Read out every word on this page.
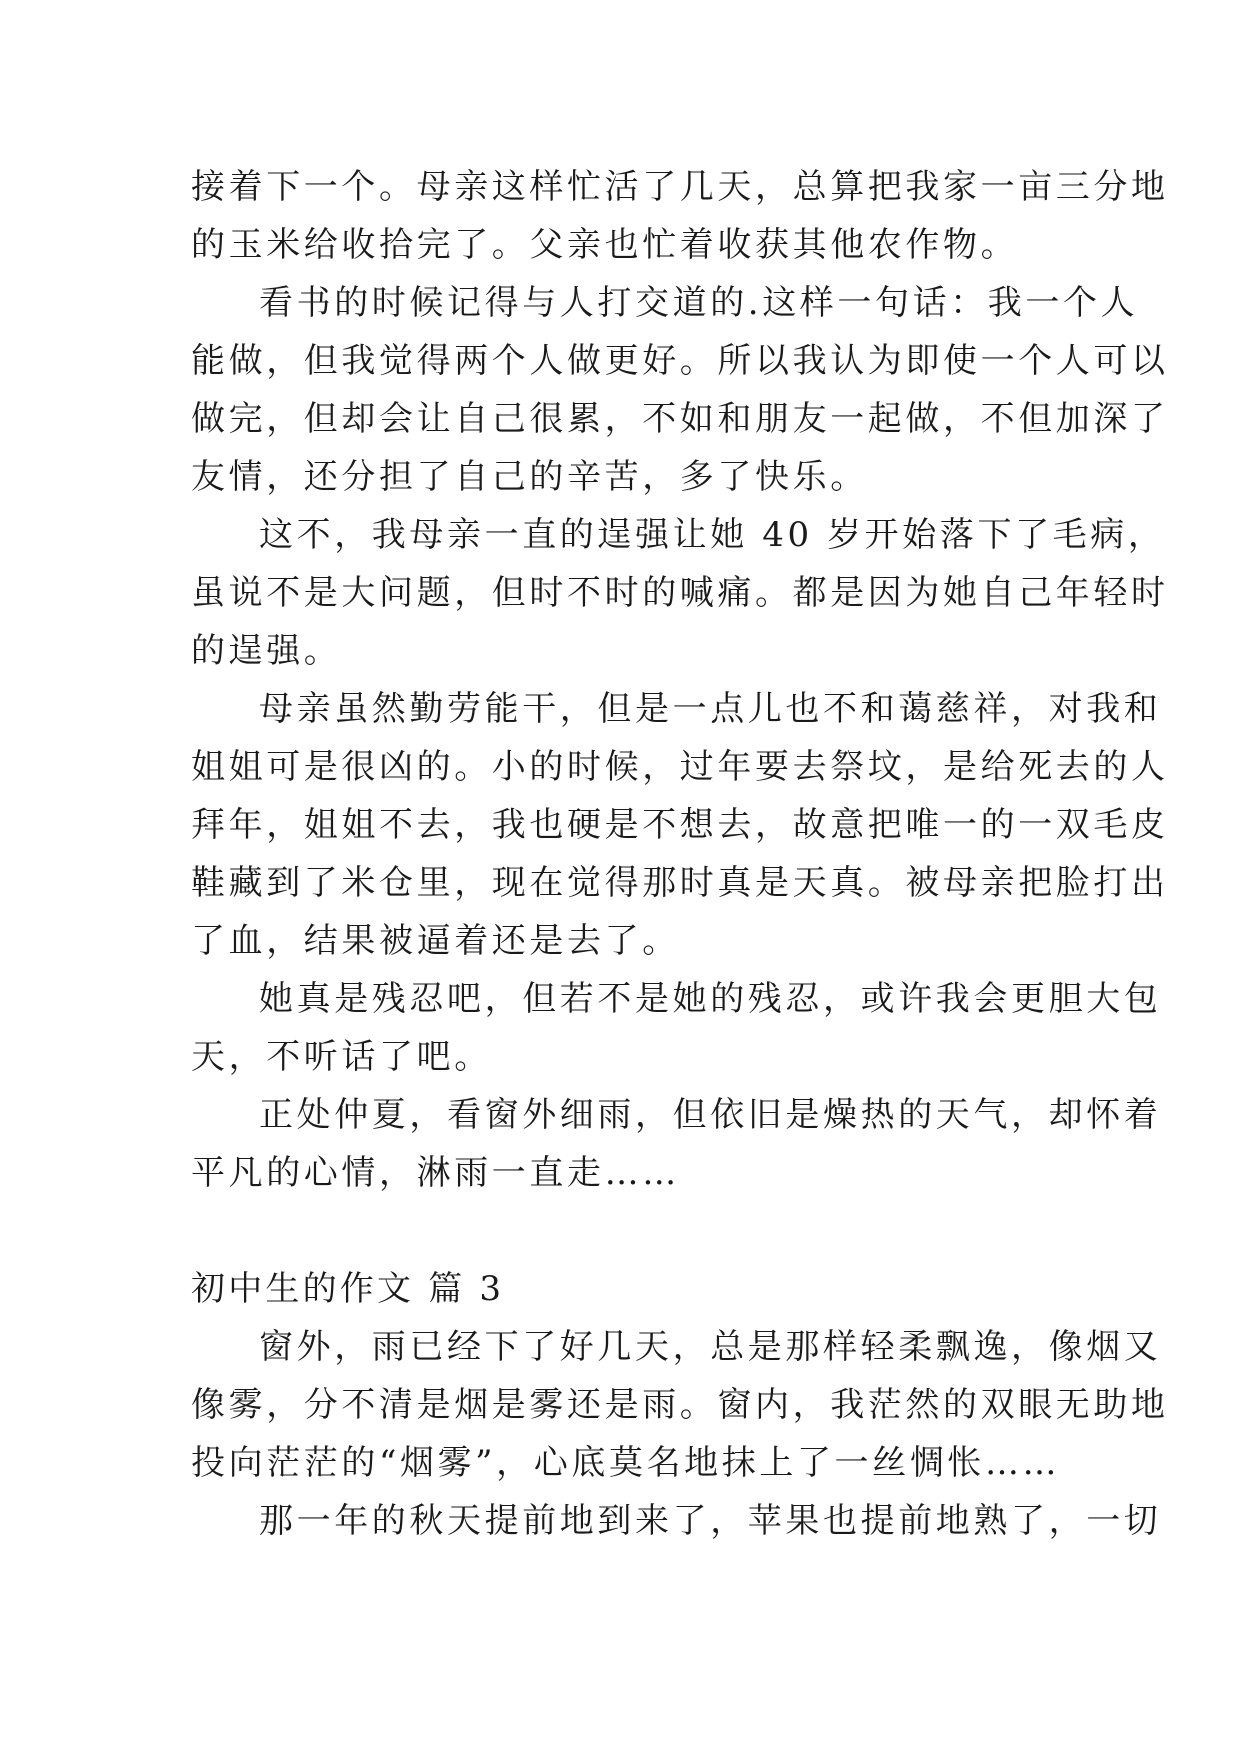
接着下一个。母亲这样忙活了几天，总算把我家一亩三分地
的玉米给收拾完了。父亲也忙着收获其他农作物。
看书的时候记得与人打交道的.这样一句话：我一个人
能做，但我觉得两个人做更好。所以我认为即使一个人可以
做完，但却会让自己很累，不如和朋友一起做，不但加深了
友情，还分担了自己的辛苦，多了快乐。
这不，我母亲一直的逞强让她 40 岁开始落下了毛病，
虽说不是大问题，但时不时的喊痛。都是因为她自己年轻时
的逞强。
母亲虽然勤劳能干，但是一点儿也不和蔼慈祥，对我和
姐姐可是很凶的。小的时候，过年要去祭坟，是给死去的人
拜年，姐姐不去，我也硬是不想去，故意把唯一的一双毛皮
鞋藏到了米仓里，现在觉得那时真是天真。被母亲把脸打出
了血，结果被逼着还是去了。
她真是残忍吧，但若不是她的残忍，或许我会更胆大包
天，不听话了吧。
正处仲夏，看窗外细雨，但依旧是燥热的天气，却怀着
平凡的心情，淋雨一直走……
初中生的作文 篇 3
窗外，雨已经下了好几天，总是那样轻柔飘逸，像烟又
像雾，分不清是烟是雾还是雨。窗内，我茫然的双眼无助地
投向茫茫的“烟雾”，心底莫名地抹上了一丝惆怅……
那一年的秋天提前地到来了，苹果也提前地熟了，一切
